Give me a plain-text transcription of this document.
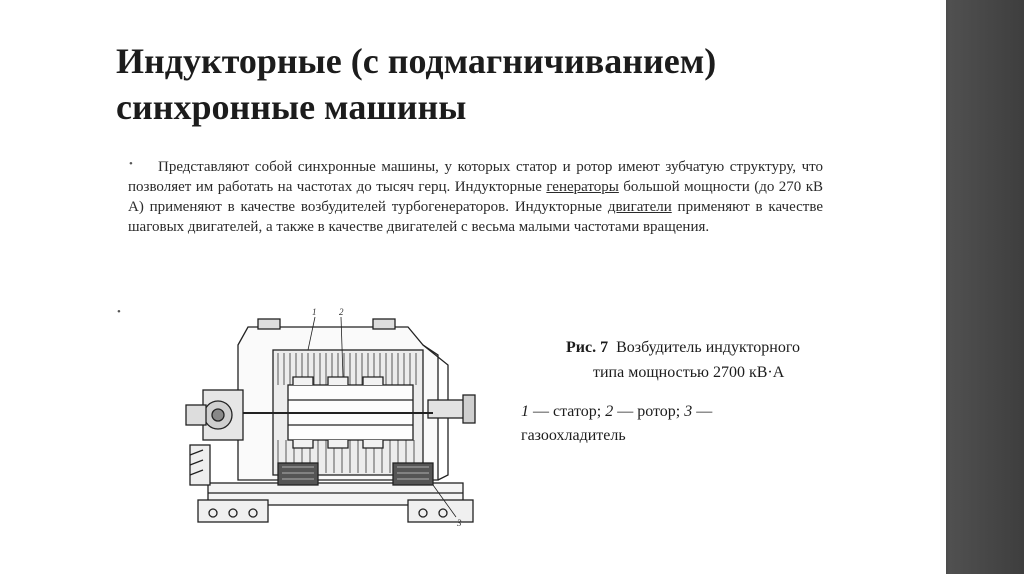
Индукторные (с подмагничиванием)
синхронные машины
•	Представляют собой синхронные машины, у которых статор и ротор имеют зубчатую структуру, что позволяет им работать на частотах до тысяч герц. Индукторные генераторы большой мощности (до 270 кВ А) применяют в качестве возбудителей турбогенераторов. Индукторные двигатели применяют в качестве шаговых двигателей, а также в качестве двигателей с весьма малыми частотами вращения.
•	1	2
3
Рис. 7 Возбудитель индукторного
типа мощностью 2700 кВ·А
1 — статор; 2 — ротор; 3 —
газоохладитель
